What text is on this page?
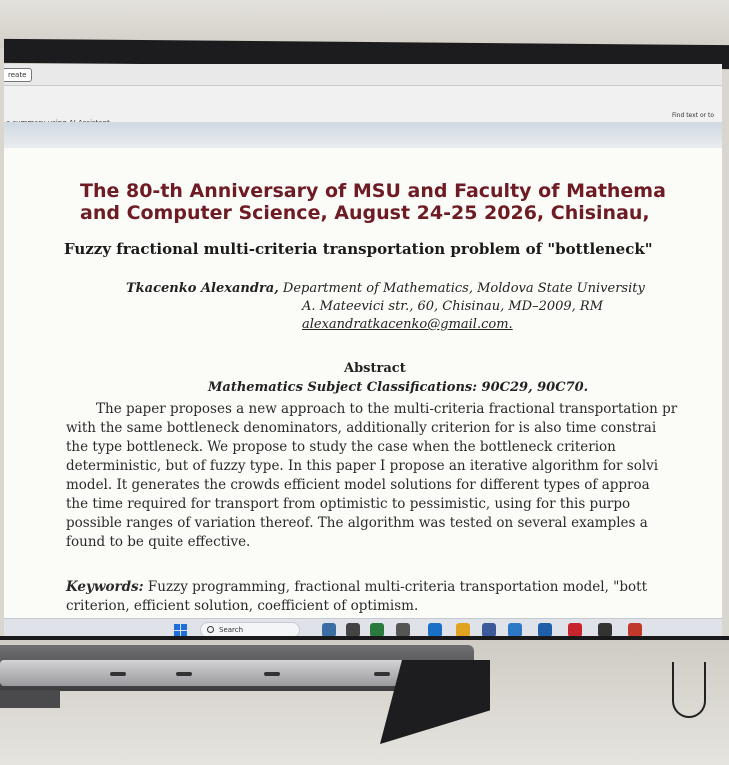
reate
Find text or to
The 80-th Anniversary of MSU and Faculty of Mathema
and Computer Science, August 24-25 2026, Chisinau,
Fuzzy fractional multi-criteria transportation problem of "bottleneck"
Tkacenko Alexandra, Department of Mathematics, Moldova State University
A. Mateevici str., 60, Chisinau, MD–2009, RM
alexandratkacenko@gmail.com.
Abstract
Mathematics Subject Classifications: 90C29, 90C70.
The paper proposes a new approach to the multi-criteria fractional transportation pr
with the same bottleneck denominators, additionally criterion for is also time constrai
the type bottleneck. We propose to study the case when the bottleneck criterion
deterministic, but of fuzzy type. In this paper I propose an iterative algorithm for solvi
model. It generates the crowds efficient model solutions for different types of approa
the time required for transport from optimistic to pessimistic, using for this purpo
possible ranges of variation thereof. The algorithm was tested on several examples a
found to be quite effective.
Keywords: Fuzzy programming, fractional multi-criteria transportation model, "bott
criterion, efficient solution, coefficient of optimism.
Search
